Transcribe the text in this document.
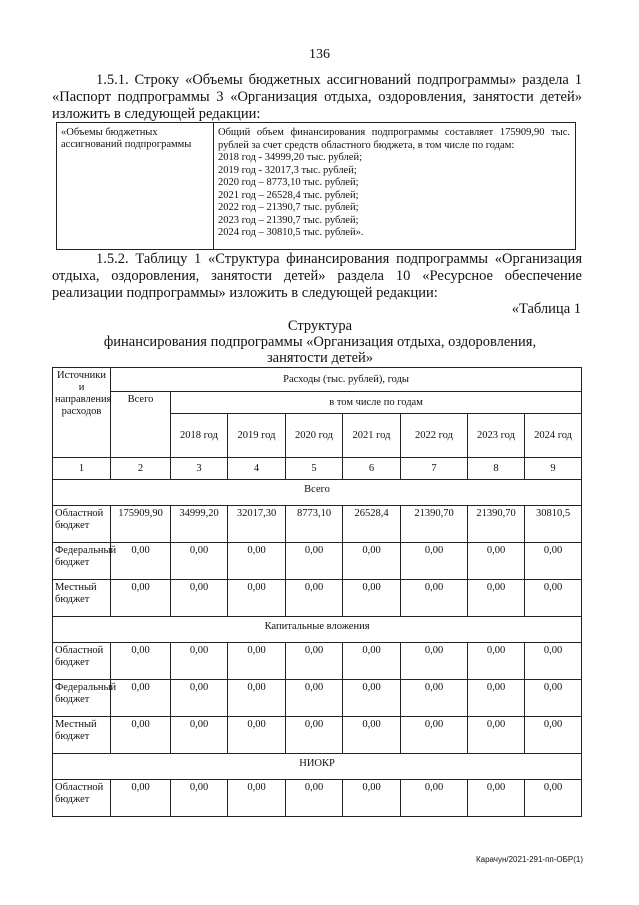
136
1.5.1. Строку «Объемы бюджетных ассигнований подпрограммы» раздела 1 «Паспорт подпрограммы 3 «Организация отдыха, оздоровления, занятости детей» изложить в следующей редакции:
«Объемы бюджетных ассигнований подпрограммы
Общий объем финансирования подпрограммы составляет 175909,90 тыс. рублей за счет средств областного бюджета, в том числе по годам:
2018 год - 34999,20 тыс. рублей;
2019 год - 32017,3 тыс. рублей;
2020 год – 8773,10 тыс. рублей;
2021 год – 26528,4 тыс. рублей;
2022 год – 21390,7 тыс. рублей;
2023 год – 21390,7 тыс. рублей;
2024 год – 30810,5 тыс. рублей».
1.5.2. Таблицу 1 «Структура финансирования подпрограммы «Организация отдыха, оздоровления, занятости детей» раздела 10 «Ресурсное обеспечение реализации подпрограммы» изложить в следующей редакции:
«Таблица 1
Структура
финансирования подпрограммы «Организация отдыха, оздоровления,
занятости детей»
Источники и направления расходов	Расходы (тыс. рублей), годы							
	Всего	в том числе по годам						
		2018 год	2019 год	2020 год	2021 год	2022 год	2023 год	2024 год
1	2	3	4	5	6	7	8	9
Всего								
Областной бюджет	175909,90	34999,20	32017,30	8773,10	26528,4	21390,70	21390,70	30810,5
Федеральный бюджет	0,00	0,00	0,00	0,00	0,00	0,00	0,00	0,00
Местный бюджет	0,00	0,00	0,00	0,00	0,00	0,00	0,00	0,00
Капитальные вложения								
Областной бюджет	0,00	0,00	0,00	0,00	0,00	0,00	0,00	0,00
Федеральный бюджет	0,00	0,00	0,00	0,00	0,00	0,00	0,00	0,00
Местный бюджет	0,00	0,00	0,00	0,00	0,00	0,00	0,00	0,00
НИОКР								
Областной бюджет	0,00	0,00	0,00	0,00	0,00	0,00	0,00	0,00
Карачун/2021-291-пп-ОБР(1)
